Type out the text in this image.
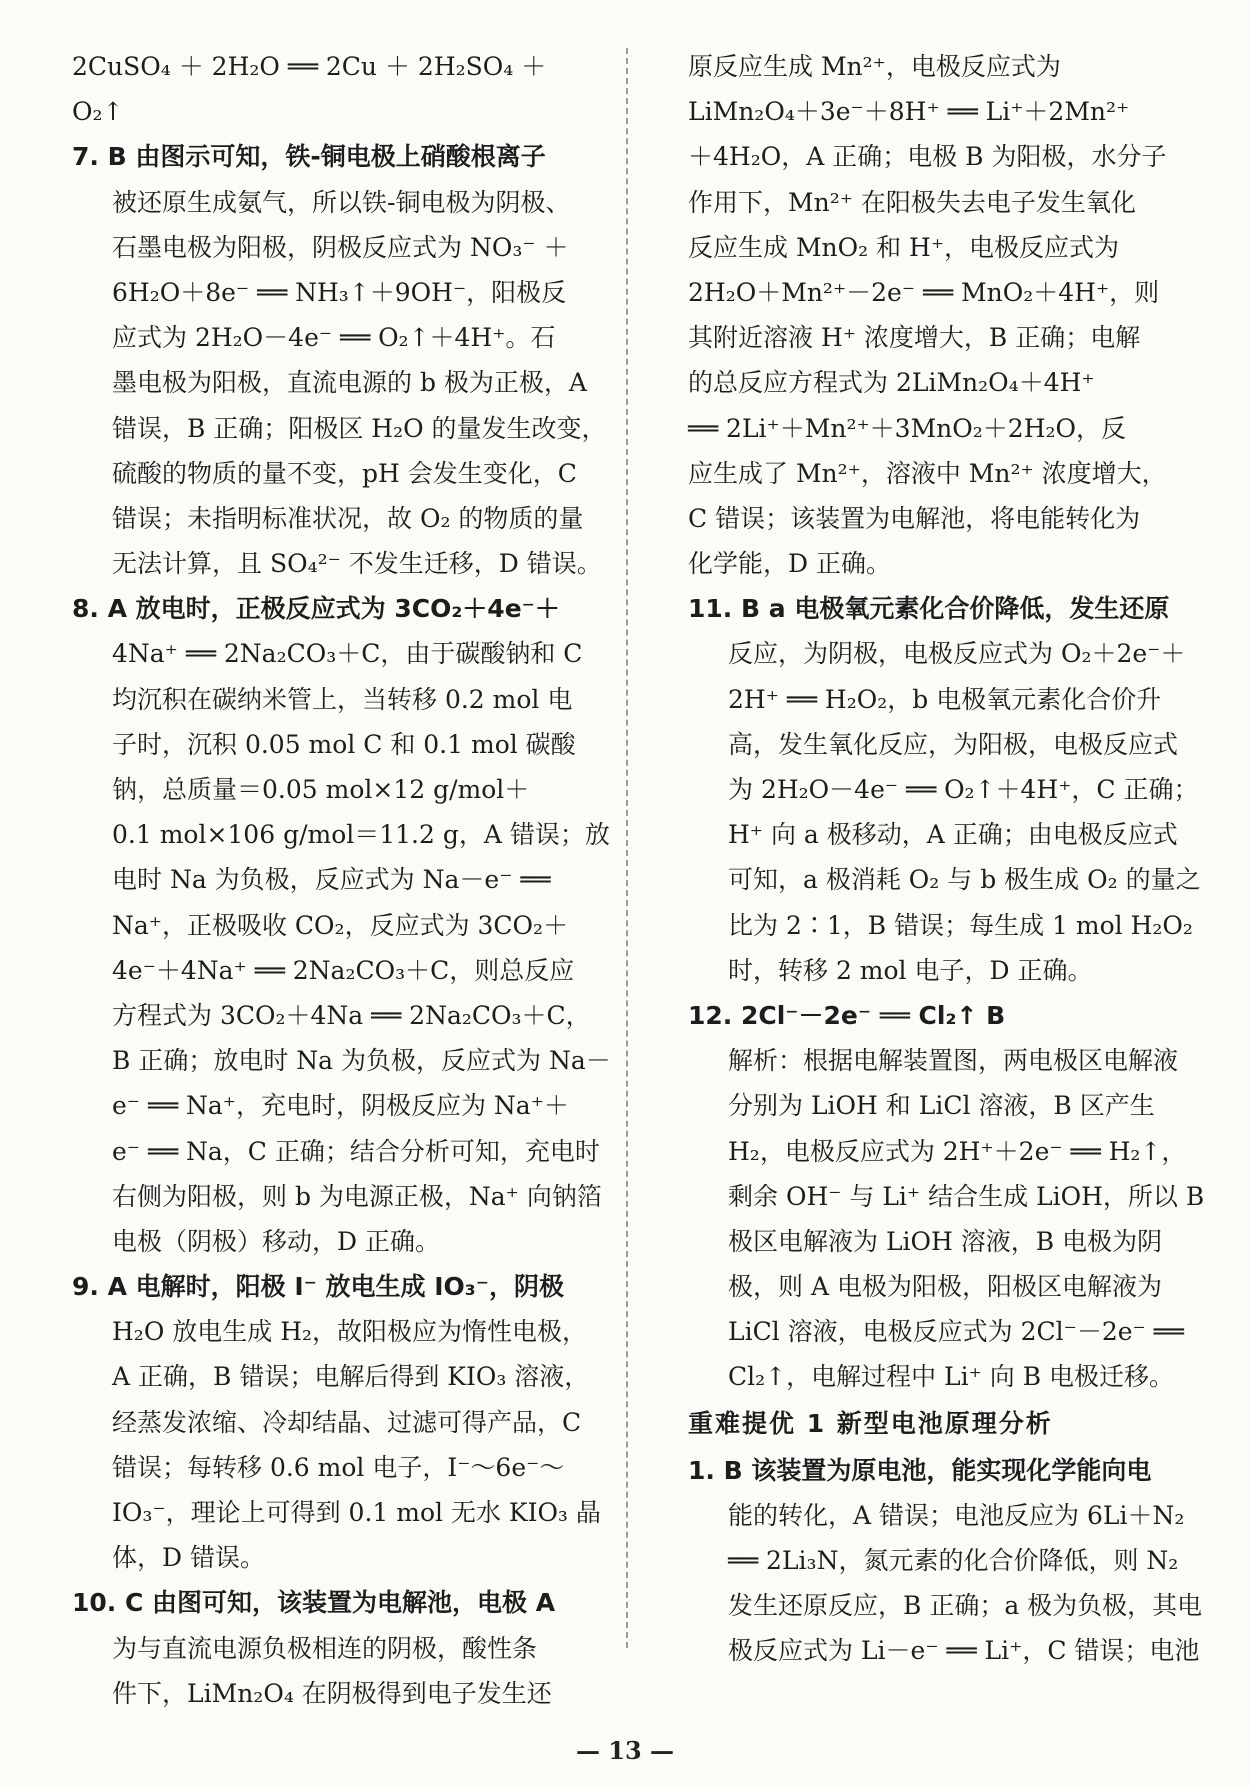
2CuSO₄ ＋ 2H₂O ══ 2Cu ＋ 2H₂SO₄ ＋
O₂↑
7. B 由图示可知，铁-铜电极上硝酸根离子
被还原生成氨气，所以铁-铜电极为阴极、
石墨电极为阳极，阴极反应式为 NO₃⁻ ＋
6H₂O＋8e⁻ ══ NH₃↑＋9OH⁻，阳极反
应式为 2H₂O－4e⁻ ══ O₂↑＋4H⁺。石
墨电极为阳极，直流电源的 b 极为正极，A
错误，B 正确；阳极区 H₂O 的量发生改变，
硫酸的物质的量不变，pH 会发生变化，C
错误；未指明标准状况，故 O₂ 的物质的量
无法计算，且 SO₄²⁻ 不发生迁移，D 错误。
8. A 放电时，正极反应式为 3CO₂＋4e⁻＋
4Na⁺ ══ 2Na₂CO₃＋C，由于碳酸钠和 C
均沉积在碳纳米管上，当转移 0.2 mol 电
子时，沉积 0.05 mol C 和 0.1 mol 碳酸
钠，总质量＝0.05 mol×12 g/mol＋
0.1 mol×106 g/mol＝11.2 g，A 错误；放
电时 Na 为负极，反应式为 Na－e⁻ ══
Na⁺，正极吸收 CO₂，反应式为 3CO₂＋
4e⁻＋4Na⁺ ══ 2Na₂CO₃＋C，则总反应
方程式为 3CO₂＋4Na ══ 2Na₂CO₃＋C，
B 正确；放电时 Na 为负极，反应式为 Na－
e⁻ ══ Na⁺，充电时，阴极反应为 Na⁺＋
e⁻ ══ Na，C 正确；结合分析可知，充电时
右侧为阳极，则 b 为电源正极，Na⁺ 向钠箔
电极（阴极）移动，D 正确。
9. A 电解时，阳极 I⁻ 放电生成 IO₃⁻，阴极
H₂O 放电生成 H₂，故阳极应为惰性电极，
A 正确，B 错误；电解后得到 KIO₃ 溶液，
经蒸发浓缩、冷却结晶、过滤可得产品，C
错误；每转移 0.6 mol 电子，I⁻～6e⁻～
IO₃⁻，理论上可得到 0.1 mol 无水 KIO₃ 晶
体，D 错误。
10. C 由图可知，该装置为电解池，电极 A
为与直流电源负极相连的阴极，酸性条
件下，LiMn₂O₄ 在阴极得到电子发生还
原反应生成 Mn²⁺，电极反应式为
LiMn₂O₄＋3e⁻＋8H⁺ ══ Li⁺＋2Mn²⁺
＋4H₂O，A 正确；电极 B 为阳极，水分子
作用下，Mn²⁺ 在阳极失去电子发生氧化
反应生成 MnO₂ 和 H⁺，电极反应式为
2H₂O＋Mn²⁺－2e⁻ ══ MnO₂＋4H⁺，则
其附近溶液 H⁺ 浓度增大，B 正确；电解
的总反应方程式为 2LiMn₂O₄＋4H⁺
══ 2Li⁺＋Mn²⁺＋3MnO₂＋2H₂O，反
应生成了 Mn²⁺，溶液中 Mn²⁺ 浓度增大，
C 错误；该装置为电解池，将电能转化为
化学能，D 正确。
11. B a 电极氧元素化合价降低，发生还原
反应，为阴极，电极反应式为 O₂＋2e⁻＋
2H⁺ ══ H₂O₂，b 电极氧元素化合价升
高，发生氧化反应，为阳极，电极反应式
为 2H₂O－4e⁻ ══ O₂↑＋4H⁺，C 正确；
H⁺ 向 a 极移动，A 正确；由电极反应式
可知，a 极消耗 O₂ 与 b 极生成 O₂ 的量之
比为 2∶1，B 错误；每生成 1 mol H₂O₂
时，转移 2 mol 电子，D 正确。
12. 2Cl⁻－2e⁻ ══ Cl₂↑ B
解析：根据电解装置图，两电极区电解液
分别为 LiOH 和 LiCl 溶液，B 区产生
H₂，电极反应式为 2H⁺＋2e⁻ ══ H₂↑，
剩余 OH⁻ 与 Li⁺ 结合生成 LiOH，所以 B
极区电解液为 LiOH 溶液，B 电极为阴
极，则 A 电极为阳极，阳极区电解液为
LiCl 溶液，电极反应式为 2Cl⁻－2e⁻ ══
Cl₂↑，电解过程中 Li⁺ 向 B 电极迁移。
重难提优 1 新型电池原理分析
1. B 该装置为原电池，能实现化学能向电
能的转化，A 错误；电池反应为 6Li＋N₂
══ 2Li₃N，氮元素的化合价降低，则 N₂
发生还原反应，B 正确；a 极为负极，其电
极反应式为 Li－e⁻ ══ Li⁺，C 错误；电池
— 13 —
